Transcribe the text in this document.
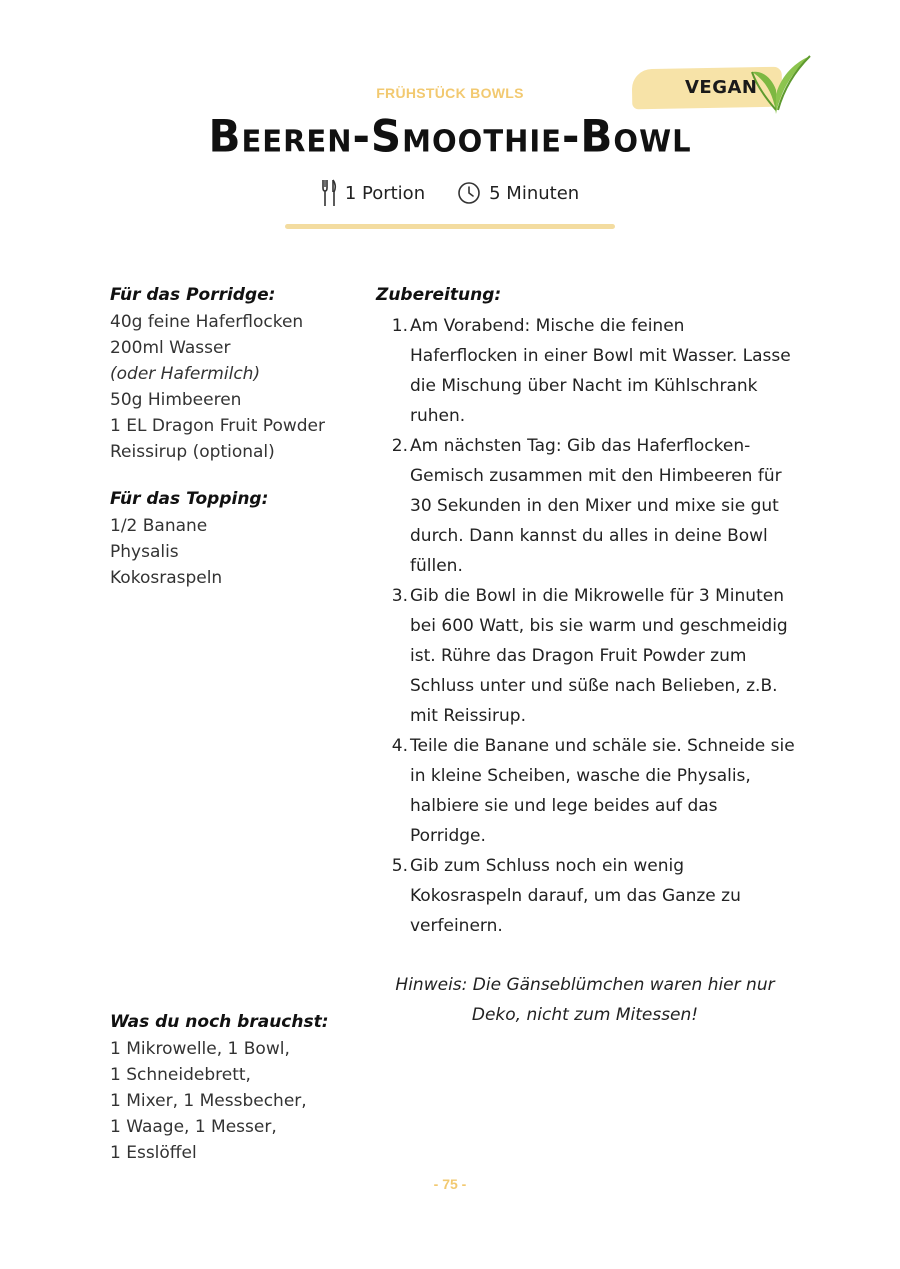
FRÜHSTÜCK BOWLS	VEGAN
Beeren-Smoothie-Bowl
1 Portion	5 Minuten
Für das Porridge:
40g feine Haferflocken
200ml Wasser
(oder Hafermilch)
50g Himbeeren
1 EL Dragon Fruit Powder
Reissirup (optional)
Für das Topping:
1/2 Banane
Physalis
Kokosraspeln
Zubereitung:
1. Am Vorabend: Mische die feinen Haferflocken in einer Bowl mit Wasser. Lasse die Mischung über Nacht im Kühlschrank ruhen.
2. Am nächsten Tag: Gib das Haferflocken-Gemisch zusammen mit den Himbeeren für 30 Sekunden in den Mixer und mixe sie gut durch. Dann kannst du alles in deine Bowl füllen.
3. Gib die Bowl in die Mikrowelle für 3 Minuten bei 600 Watt, bis sie warm und geschmeidig ist. Rühre das Dragon Fruit Powder zum Schluss unter und süße nach Belieben, z.B. mit Reissirup.
4. Teile die Banane und schäle sie. Schneide sie in kleine Scheiben, wasche die Physalis, halbiere sie und lege beides auf das Porridge.
5. Gib zum Schluss noch ein wenig Kokosraspeln darauf, um das Ganze zu verfeinern.
Hinweis: Die Gänseblümchen waren hier nur Deko, nicht zum Mitessen!
Was du noch brauchst:
1 Mikrowelle, 1 Bowl,
1 Schneidebrett,
1 Mixer, 1 Messbecher,
1 Waage, 1 Messer,
1 Esslöffel
- 75 -
